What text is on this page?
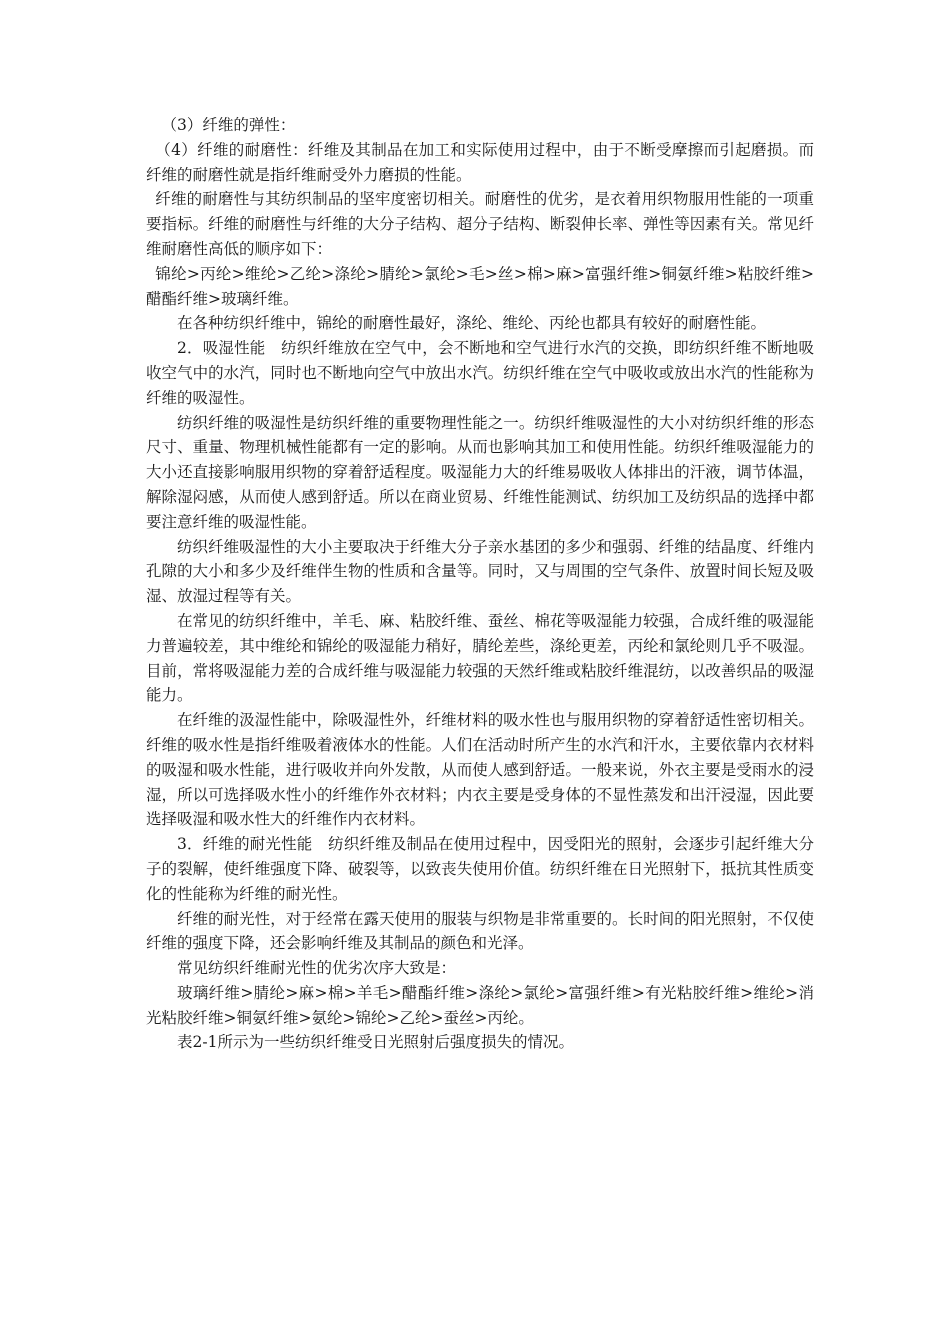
（3）纤维的弹性：

（4）纤维的耐磨性：纤维及其制品在加工和实际使用过程中，由于不断受摩擦而引起磨损。而纤维的耐磨性就是指纤维耐受外力磨损的性能。

纤维的耐磨性与其纺织制品的坚牢度密切相关。耐磨性的优劣，是衣着用织物服用性能的一项重要指标。纤维的耐磨性与纤维的大分子结构、超分子结构、断裂伸长率、弹性等因素有关。常见纤维耐磨性高低的顺序如下：

锦纶>丙纶>维纶>乙纶>涤纶>腈纶>氯纶>毛>丝>棉>麻>富强纤维>铜氨纤维>粘胶纤维>醋酯纤维>玻璃纤维。

在各种纺织纤维中，锦纶的耐磨性最好，涤纶、维纶、丙纶也都具有较好的耐磨性能。

2．吸湿性能　纺织纤维放在空气中，会不断地和空气进行水汽的交换，即纺织纤维不断地吸收空气中的水汽，同时也不断地向空气中放出水汽。纺织纤维在空气中吸收或放出水汽的性能称为纤维的吸湿性。

纺织纤维的吸湿性是纺织纤维的重要物理性能之一。纺织纤维吸湿性的大小对纺织纤维的形态尺寸、重量、物理机械性能都有一定的影响。从而也影响其加工和使用性能。纺织纤维吸湿能力的大小还直接影响服用织物的穿着舒适程度。吸湿能力大的纤维易吸收人体排出的汗液，调节体温，解除湿闷感，从而使人感到舒适。所以在商业贸易、纤维性能测试、纺织加工及纺织品的选择中都要注意纤维的吸湿性能。

纺织纤维吸湿性的大小主要取决于纤维大分子亲水基团的多少和强弱、纤维的结晶度、纤维内孔隙的大小和多少及纤维伴生物的性质和含量等。同时，又与周围的空气条件、放置时间长短及吸湿、放湿过程等有关。

在常见的纺织纤维中，羊毛、麻、粘胶纤维、蚕丝、棉花等吸湿能力较强，合成纤维的吸湿能力普遍较差，其中维纶和锦纶的吸湿能力稍好，腈纶差些，涤纶更差，丙纶和氯纶则几乎不吸湿。目前，常将吸湿能力差的合成纤维与吸湿能力较强的天然纤维或粘胶纤维混纺，以改善织品的吸湿能力。

在纤维的汲湿性能中，除吸湿性外，纤维材料的吸水性也与服用织物的穿着舒适性密切相关。纤维的吸水性是指纤维吸着液体水的性能。人们在活动时所产生的水汽和汗水，主要依靠内衣材料的吸湿和吸水性能，进行吸收并向外发散，从而使人感到舒适。一般来说，外衣主要是受雨水的浸湿，所以可选择吸水性小的纤维作外衣材料；内衣主要是受身体的不显性蒸发和出汗浸湿，因此要选择吸湿和吸水性大的纤维作内衣材料。

3．纤维的耐光性能　纺织纤维及制品在使用过程中，因受阳光的照射，会逐步引起纤维大分子的裂解，使纤维强度下降、破裂等，以致丧失使用价值。纺织纤维在日光照射下，抵抗其性质变化的性能称为纤维的耐光性。

纤维的耐光性，对于经常在露天使用的服装与织物是非常重要的。长时间的阳光照射，不仅使纤维的强度下降，还会影响纤维及其制品的颜色和光泽。

常见纺织纤维耐光性的优劣次序大致是：

玻璃纤维>腈纶>麻>棉>羊毛>醋酯纤维>涤纶>氯纶>富强纤维>有光粘胶纤维>维纶>消光粘胶纤维>铜氨纤维>氨纶>锦纶>乙纶>蚕丝>丙纶。

表2-1所示为一些纺织纤维受日光照射后强度损失的情况。
